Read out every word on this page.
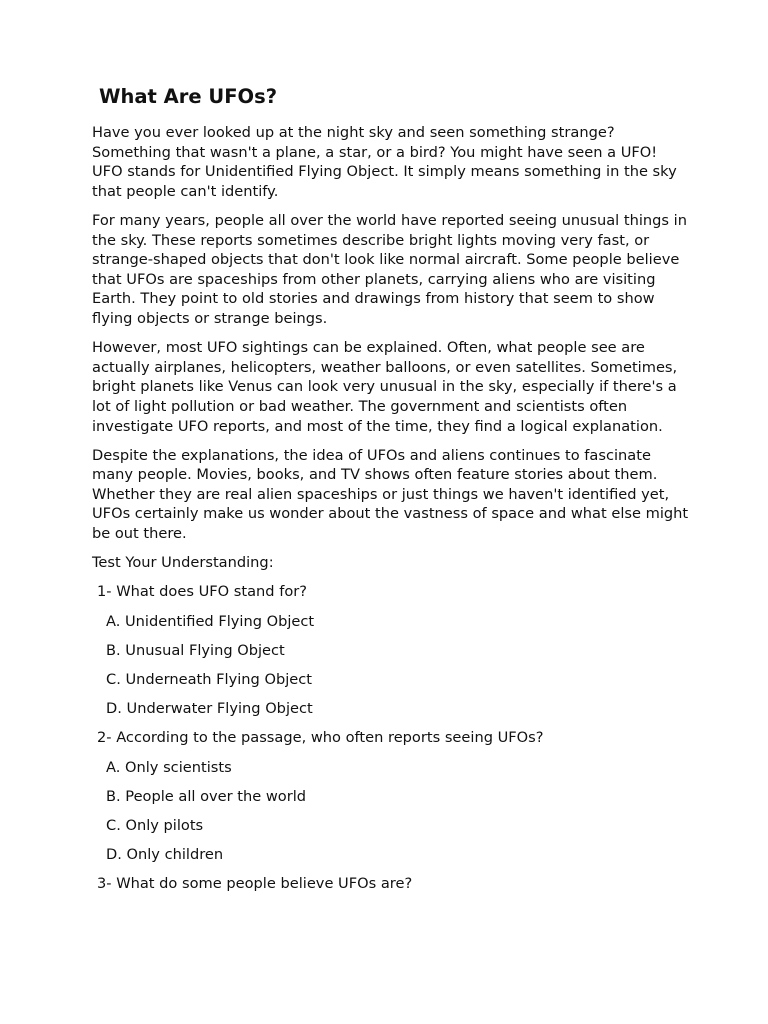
What Are UFOs?

Have you ever looked up at the night sky and seen something strange? Something that wasn't a plane, a star, or a bird? You might have seen a UFO! UFO stands for Unidentified Flying Object. It simply means something in the sky that people can't identify.

For many years, people all over the world have reported seeing unusual things in the sky. These reports sometimes describe bright lights moving very fast, or strange-shaped objects that don't look like normal aircraft. Some people believe that UFOs are spaceships from other planets, carrying aliens who are visiting Earth. They point to old stories and drawings from history that seem to show flying objects or strange beings.

However, most UFO sightings can be explained. Often, what people see are actually airplanes, helicopters, weather balloons, or even satellites. Sometimes, bright planets like Venus can look very unusual in the sky, especially if there's a lot of light pollution or bad weather. The government and scientists often investigate UFO reports, and most of the time, they find a logical explanation.

Despite the explanations, the idea of UFOs and aliens continues to fascinate many people. Movies, books, and TV shows often feature stories about them. Whether they are real alien spaceships or just things we haven't identified yet, UFOs certainly make us wonder about the vastness of space and what else might be out there.

Test Your Understanding:

1- What does UFO stand for?

A. Unidentified Flying Object

B. Unusual Flying Object

C. Underneath Flying Object

D. Underwater Flying Object

2- According to the passage, who often reports seeing UFOs?

A. Only scientists

B. People all over the world

C. Only pilots

D. Only children

3- What do some people believe UFOs are?
